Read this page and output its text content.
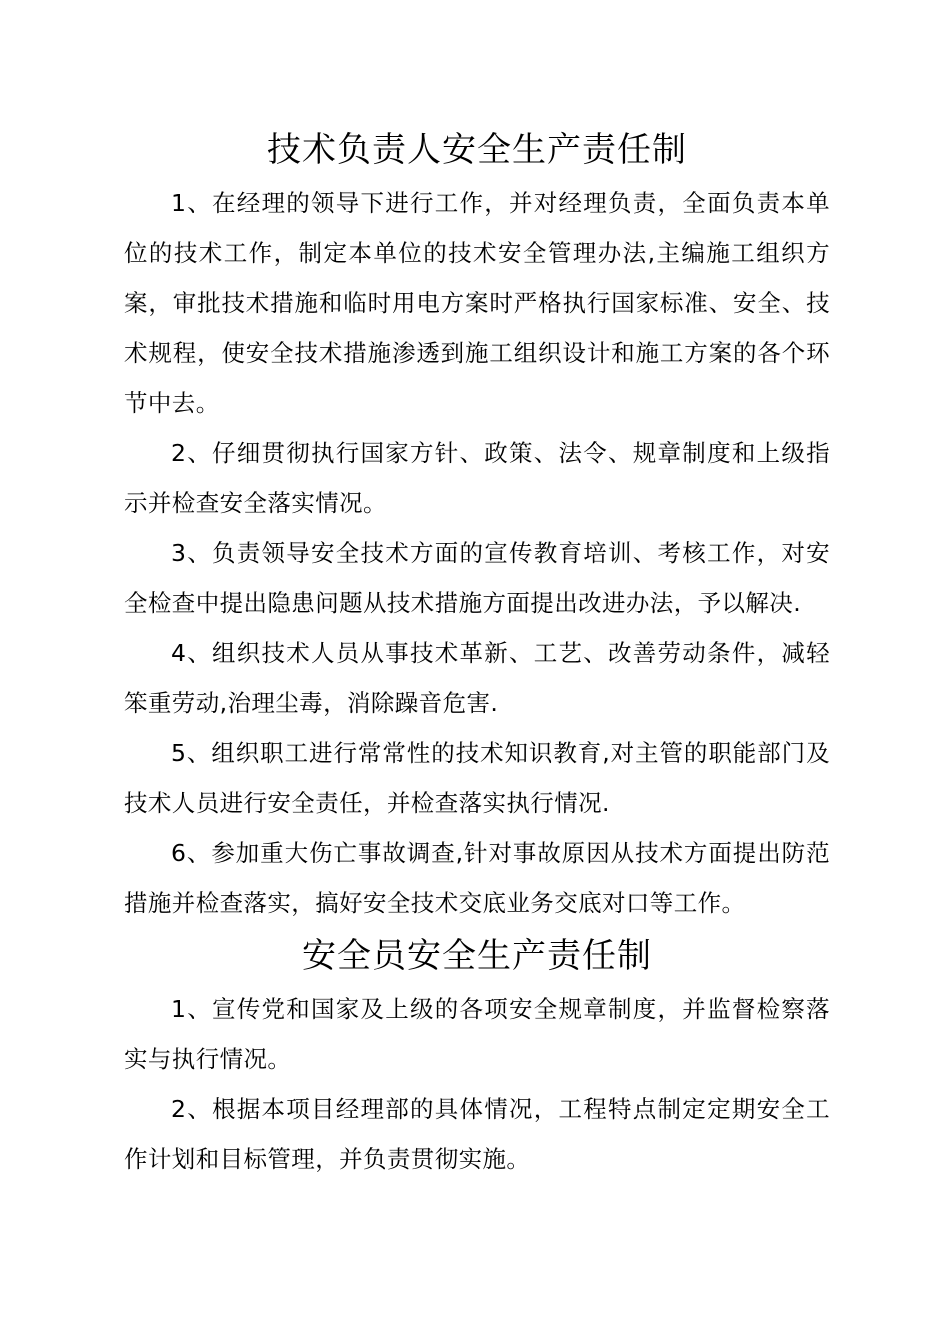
技术负责人安全生产责任制

1、在经理的领导下进行工作，并对经理负责，全面负责本单位的技术工作，制定本单位的技术安全管理办法,主编施工组织方案，审批技术措施和临时用电方案时严格执行国家标准、安全、技术规程，使安全技术措施渗透到施工组织设计和施工方案的各个环节中去。

2、仔细贯彻执行国家方针、政策、法令、规章制度和上级指示并检查安全落实情况。

3、负责领导安全技术方面的宣传教育培训、考核工作，对安全检查中提出隐患问题从技术措施方面提出改进办法，予以解决.

4、组织技术人员从事技术革新、工艺、改善劳动条件，减轻笨重劳动,治理尘毒，消除躁音危害.

5、组织职工进行常常性的技术知识教育,对主管的职能部门及技术人员进行安全责任，并检查落实执行情况.

6、参加重大伤亡事故调查,针对事故原因从技术方面提出防范措施并检查落实，搞好安全技术交底业务交底对口等工作。

安全员安全生产责任制

1、宣传党和国家及上级的各项安全规章制度，并监督检察落实与执行情况。

2、根据本项目经理部的具体情况，工程特点制定定期安全工作计划和目标管理，并负责贯彻实施。
